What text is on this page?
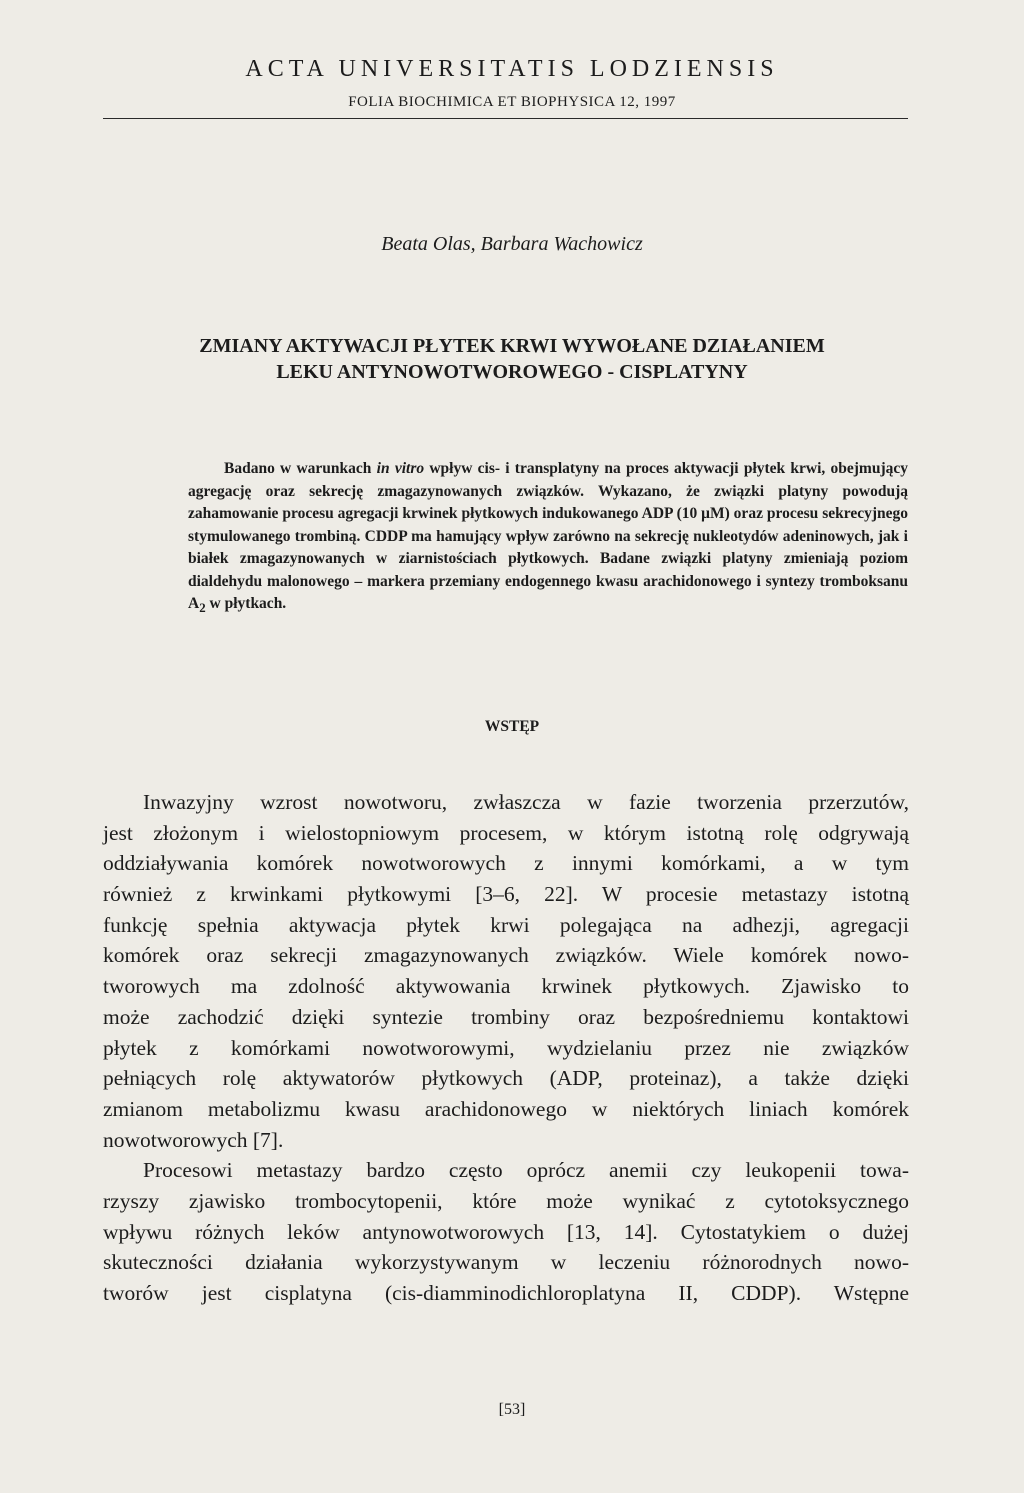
ACTA UNIVERSITATIS LODZIENSIS
FOLIA BIOCHIMICA ET BIOPHYSICA 12, 1997
Beata Olas, Barbara Wachowicz
ZMIANY AKTYWACJI PŁYTEK KRWI WYWOŁANE DZIAŁANIEM
LEKU ANTYNOWOTWOROWEGO - CISPLATYNY

Badano w warunkach in vitro wpływ cis- i transplatyny na proces aktywacji płytek krwi, obejmujący agregację oraz sekrecję zmagazynowanych związków. Wykazano, że związki platyny powodują zahamowanie procesu agregacji krwinek płytkowych indukowanego ADP (10 μM) oraz procesu sekrecyjnego stymulowanego trombiną. CDDP ma hamujący wpływ zarówno na sekrecję nukleotydów adeninowych, jak i białek zmagazynowanych w ziarnistościach płytkowych. Badane związki platyny zmieniają poziom dialdehydu malonowego – markera przemiany endogennego kwasu arachidonowego i syntezy tromboksanu $A_2$ w płytkach.

WSTĘP
Inwazyjny wzrost nowotworu, zwłaszcza w fazie tworzenia przerzutów,
jest złożonym i wielostopniowym procesem, w którym istotną rolę odgrywają
oddziaływania komórek nowotworowych z innymi komórkami, a w tym
również z krwinkami płytkowymi [3–6, 22]. W procesie metastazy istotną
funkcję spełnia aktywacja płytek krwi polegająca na adhezji, agregacji
komórek oraz sekrecji zmagazynowanych związków. Wiele komórek nowo-
tworowych ma zdolność aktywowania krwinek płytkowych. Zjawisko to
może zachodzić dzięki syntezie trombiny oraz bezpośredniemu kontaktowi
płytek z komórkami nowotworowymi, wydzielaniu przez nie związków
pełniących rolę aktywatorów płytkowych (ADP, proteinaz), a także dzięki
zmianom metabolizmu kwasu arachidonowego w niektórych liniach komórek
nowotworowych [7].
Procesowi metastazy bardzo często oprócz anemii czy leukopenii towa-
rzyszy zjawisko trombocytopenii, które może wynikać z cytotoksycznego
wpływu różnych leków antynowotworowych [13, 14]. Cytostatykiem o dużej
skuteczności działania wykorzystywanym w leczeniu różnorodnych nowo-
tworów jest cisplatyna (cis-diamminodichloroplatyna II, CDDP). Wstępne
[53]
